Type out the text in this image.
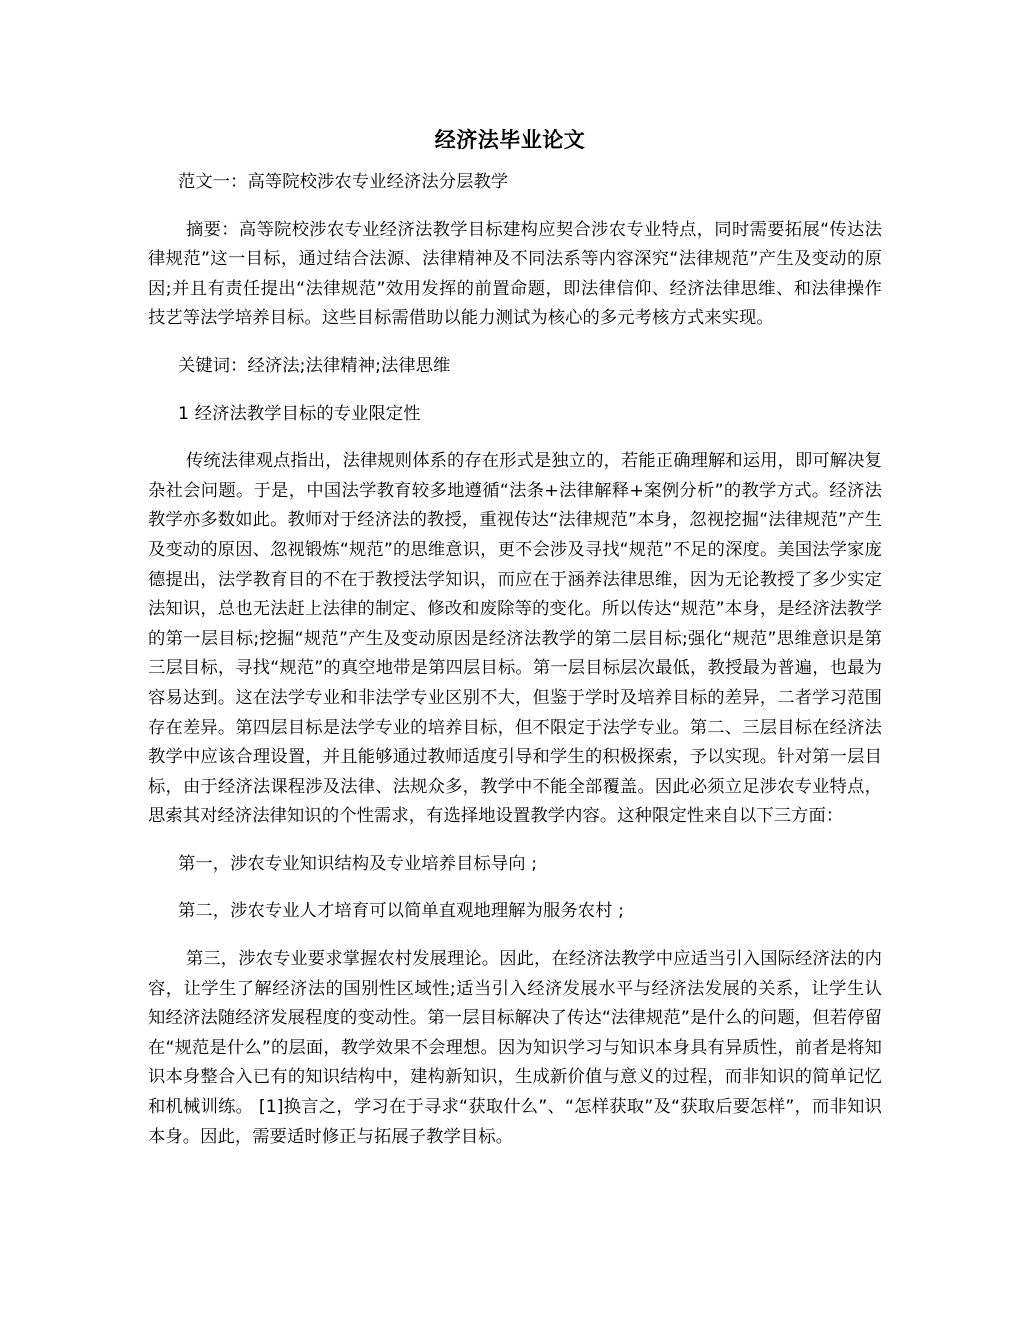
经济法毕业论文

范文一：高等院校涉农专业经济法分层教学

摘要：高等院校涉农专业经济法教学目标建构应契合涉农专业特点，同时需要拓展“传达法律规范”这一目标，通过结合法源、法律精神及不同法系等内容深究“法律规范”产生及变动的原因;并且有责任提出“法律规范”效用发挥的前置命题，即法律信仰、经济法律思维、和法律操作技艺等法学培养目标。这些目标需借助以能力测试为核心的多元考核方式来实现。

关键词：经济法;法律精神;法律思维

1 经济法教学目标的专业限定性

传统法律观点指出，法律规则体系的存在形式是独立的，若能正确理解和运用，即可解决复杂社会问题。于是，中国法学教育较多地遵循“法条+法律解释+案例分析”的教学方式。经济法教学亦多数如此。教师对于经济法的教授，重视传达“法律规范”本身，忽视挖掘“法律规范”产生及变动的原因、忽视锻炼“规范”的思维意识，更不会涉及寻找“规范”不足的深度。美国法学家庞德提出，法学教育目的不在于教授法学知识，而应在于涵养法律思维，因为无论教授了多少实定法知识，总也无法赶上法律的制定、修改和废除等的变化。所以传达“规范”本身，是经济法教学的第一层目标;挖掘“规范”产生及变动原因是经济法教学的第二层目标;强化“规范”思维意识是第三层目标，寻找“规范”的真空地带是第四层目标。第一层目标层次最低，教授最为普遍，也最为容易达到。这在法学专业和非法学专业区别不大，但鉴于学时及培养目标的差异，二者学习范围存在差异。第四层目标是法学专业的培养目标，但不限定于法学专业。第二、三层目标在经济法教学中应该合理设置，并且能够通过教师适度引导和学生的积极探索，予以实现。针对第一层目标，由于经济法课程涉及法律、法规众多，教学中不能全部覆盖。因此必须立足涉农专业特点，思索其对经济法律知识的个性需求，有选择地设置教学内容。这种限定性来自以下三方面：

第一，涉农专业知识结构及专业培养目标导向 ;

第二，涉农专业人才培育可以简单直观地理解为服务农村 ;

第三，涉农专业要求掌握农村发展理论。因此，在经济法教学中应适当引入国际经济法的内容，让学生了解经济法的国别性区域性;适当引入经济发展水平与经济法发展的关系，让学生认知经济法随经济发展程度的变动性。第一层目标解决了传达“法律规范”是什么的问题，但若停留在“规范是什么”的层面，教学效果不会理想。因为知识学习与知识本身具有异质性，前者是将知识本身整合入已有的知识结构中，建构新知识，生成新价值与意义的过程，而非知识的简单记忆和机械训练。 [1]换言之，学习在于寻求“获取什么”、“怎样获取”及“获取后要怎样”，而非知识本身。因此，需要适时修正与拓展子教学目标。
